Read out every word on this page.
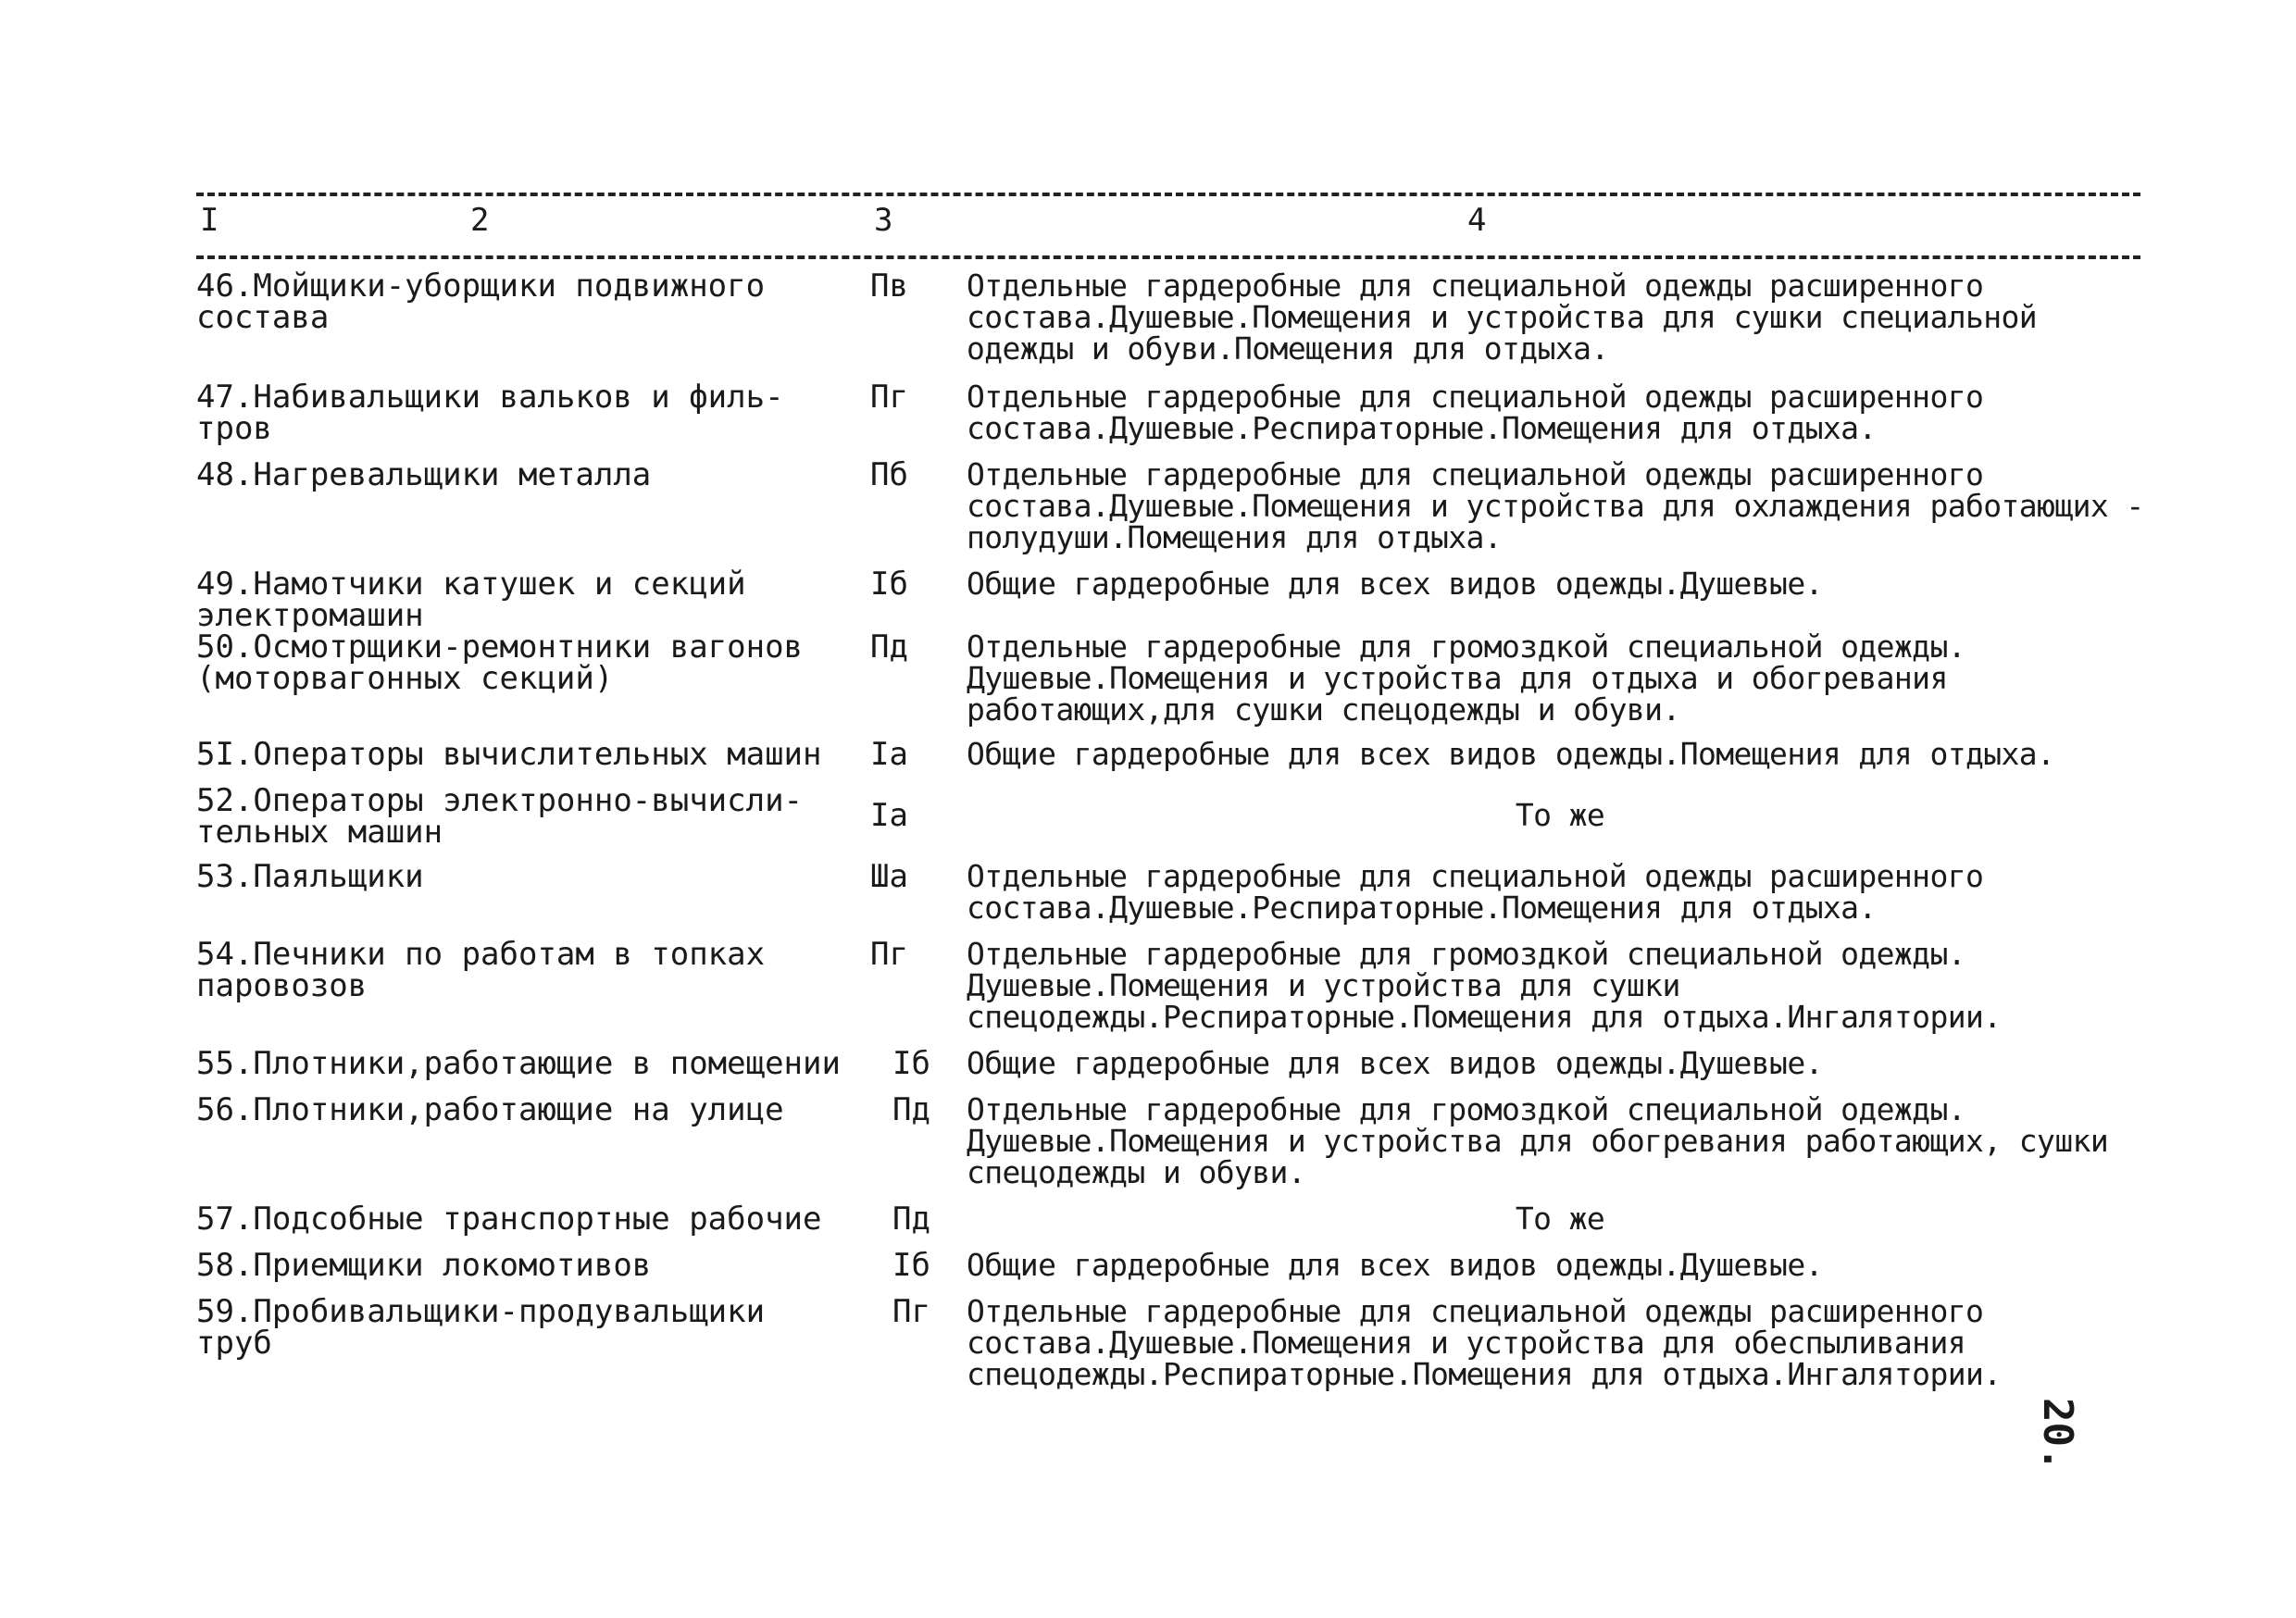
I	2	3	4
46.Мойщики-уборщики подвижного
состава
Пв Отдельные гардеробные для специальной одежды расширенного состава.Душевые.Помещения и устройства для сушки специальной одежды и обуви.Помещения для отдыха.
47.Набивальщики вальков и филь-
тров
Пг Отдельные гардеробные для специальной одежды расширенного состава.Душевые.Респираторные.Помещения для отдыха.
48.Нагревальщики металла	Пб Отдельные гардеробные для специальной одежды расширенного состава.Душевые.Помещения и устройства для охлаждения работающих - полудуши.Помещения для отдыха.
49.Намотчики катушек и секций
электромашин
Iб Общие гардеробные для всех видов одежды.Душевые.
50.Осмотрщики-ремонтники вагонов
(моторвагонных секций)
Пд Отдельные гардеробные для громоздкой специальной одежды. Душевые.Помещения и устройства для отдыха и обогревания работающих,для сушки спецодежды и обуви.
5I.Операторы вычислительных машин	Iа Общие гардеробные для всех видов одежды.Помещения для отдыха.
52.Операторы электронно-вычисли-
тельных машин	Iа	То же
53.Паяльщики	Шa Отдельные гардеробные для специальной одежды расширенного состава.Душевые.Респираторные.Помещения для отдыха.
54.Печники по работам в топках
паровозов
Пг Отдельные гардеробные для громоздкой специальной одежды. Душевые.Помещения и устройства для сушки спецодежды.Респираторные.Помещения для отдыха.Ингалятории.
55.Плотники,работающие в помещении	Iб Общие гардеробные для всех видов одежды.Душевые.
56.Плотники,работающие на улице	Пд Отдельные гардеробные для громоздкой специальной одежды. Душевые.Помещения и устройства для обогревания работающих, сушки спецодежды и обуви.
57.Подсобные транспортные рабочие	Пд	То же
58.Приемщики локомотивов	Iб Общие гардеробные для всех видов одежды.Душевые.
59.Пробивальщики-продувальщики
труб
Пг Отдельные гардеробные для специальной одежды расширенного состава.Душевые.Помещения и устройства для обеспыливания спецодежды.Респираторные.Помещения для отдыха.Ингалятории.
20.
